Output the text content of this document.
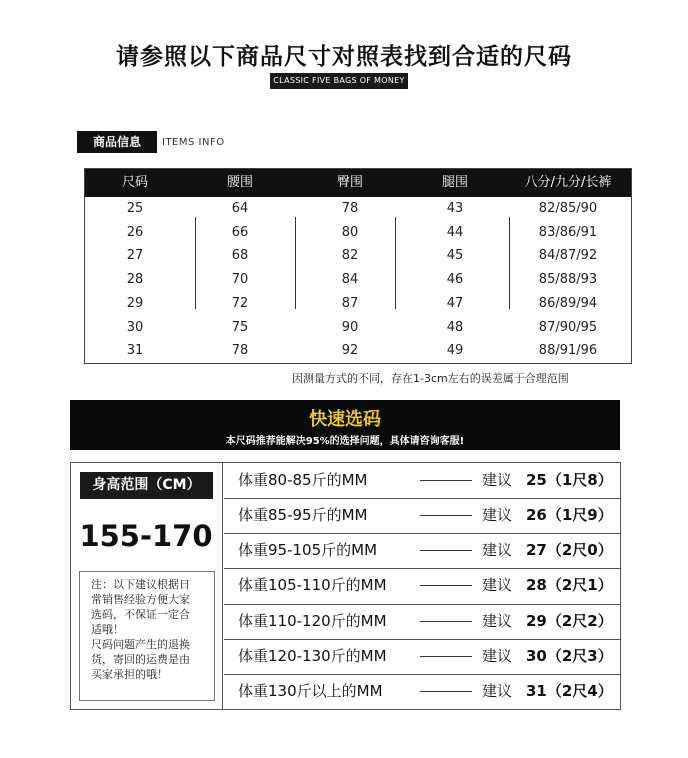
请参照以下商品尺寸对照表找到合适的尺码
CLASSIC FIVE BAGS OF MONEY
商品信息	ITEMS INFO
尺码	腰围	臀围	腿围	八分/九分/长裤
25	64	78	43	82/85/90
26	66	80	44	83/86/91
27	68	82	45	84/87/92
28	70	84	46	85/88/93
29	72	87	47	86/89/94
30	75	90	48	87/90/95
31	78	92	49	88/91/96
因测量方式的不同，存在1-3cm左右的误差属于合理范围
快速选码
本尺码推荐能解决95%的选择问题，具体请咨询客服!
身高范围（CM）
155-170
注：以下建议根据日
常销售经验方便大家
选码，不保证一定合
适哦！
尺码问题产生的退换
货，寄回的运费是由
买家承担的哦！
体重80-85斤的MM	建议 25（1尺8）
体重85-95斤的MM	建议 26（1尺9）
体重95-105斤的MM	建议 27（2尺0）
体重105-110斤的MM	建议 28（2尺1）
体重110-120斤的MM	建议 29（2尺2）
体重120-130斤的MM	建议 30（2尺3）
体重130斤以上的MM	建议 31（2尺4）
